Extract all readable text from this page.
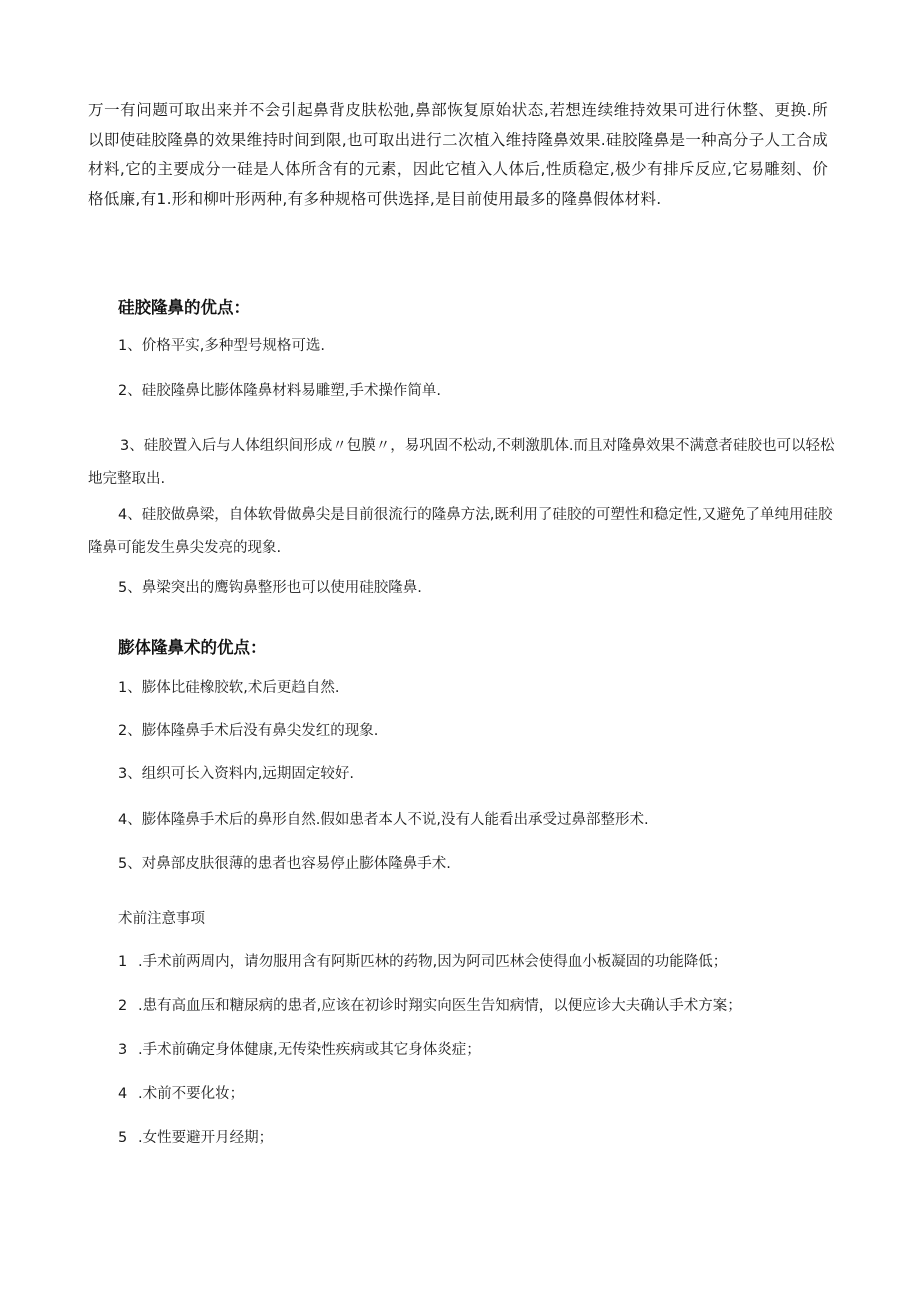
万一有问题可取出来并不会引起鼻背皮肤松弛,鼻部恢复原始状态,若想连续维持效果可进行休整、更换.所以即使硅胶隆鼻的效果维持时间到限,也可取出进行二次植入维持隆鼻效果.硅胶隆鼻是一种高分子人工合成材料,它的主要成分一硅是人体所含有的元素，因此它植入人体后,性质稳定,极少有排斥反应,它易雕刻、价格低廉,有1.形和柳叶形两种,有多种规格可供选择,是目前使用最多的隆鼻假体材料.

硅胶隆鼻的优点：

1、价格平实,多种型号规格可选.

2、硅胶隆鼻比膨体隆鼻材料易雕塑,手术操作简单.

3、硅胶置入后与人体组织间形成〃包膜〃，易巩固不松动,不刺激肌体.而且对隆鼻效果不满意者硅胶也可以轻松地完整取出.

4、硅胶做鼻梁，自体软骨做鼻尖是目前很流行的隆鼻方法,既利用了硅胶的可塑性和稳定性,又避免了单纯用硅胶隆鼻可能发生鼻尖发亮的现象.

5、鼻梁突出的鹰钩鼻整形也可以使用硅胶隆鼻.

膨体隆鼻术的优点：

1、膨体比硅橡胶软,术后更趋自然.

2、膨体隆鼻手术后没有鼻尖发红的现象.

3、组织可长入资料内,远期固定较好.

4、膨体隆鼻手术后的鼻形自然.假如患者本人不说,没有人能看出承受过鼻部整形术.

5、对鼻部皮肤很薄的患者也容易停止膨体隆鼻手术.

术前注意事项

1 .手术前两周内，请勿服用含有阿斯匹林的药物,因为阿司匹林会使得血小板凝固的功能降低；

2 .患有高血压和糖尿病的患者,应该在初诊时翔实向医生告知病情，以便应诊大夫确认手术方案；

3 .手术前确定身体健康,无传染性疾病或其它身体炎症；

4 .术前不要化妆；

5 .女性要避开月经期；
